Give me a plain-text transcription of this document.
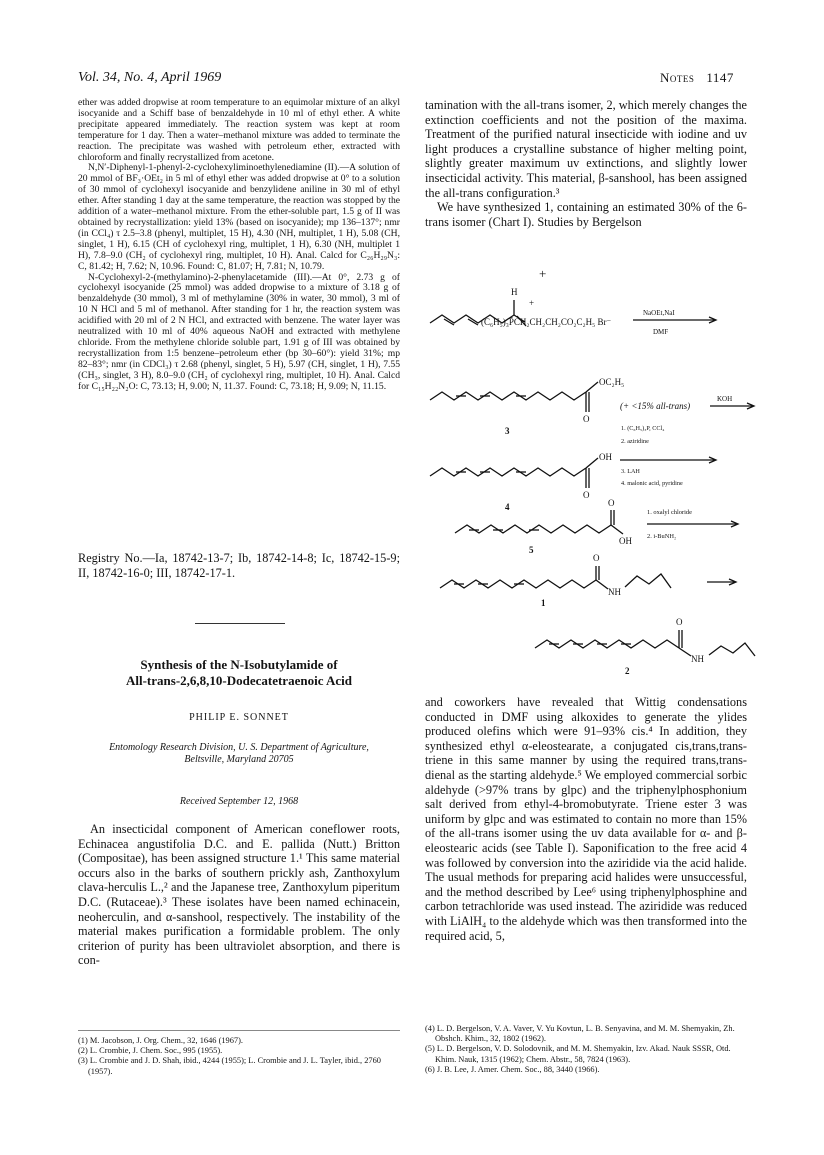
Vol. 34, No. 4, April 1969	Notes 1147

ether was added dropwise at room temperature to an equimolar mixture of an alkyl isocyanide and a Schiff base of benzaldehyde in 10 ml of ethyl ether. A white precipitate appeared immediately. The reaction system was kept at room temperature for 1 day. Then a water–methanol mixture was added to terminate the reaction. The precipitate was washed with petroleum ether, extracted with chloroform and finally recrystallized from acetone.

N,N′-Diphenyl-1-phenyl-2-cyclohexyliminoethylenediamine (II).—A solution of 20 mmol of BF₃·OEt₂ in 5 ml of ethyl ether was added dropwise at 0° to a solution of 30 mmol of cyclohexyl isocyanide and benzylidene aniline in 30 ml of ethyl ether. After standing 1 day at the same temperature, the reaction was stopped by the addition of a water–methanol mixture. From the ether-soluble part, 1.5 g of II was obtained by recrystallization: yield 13% (based on isocyanide); mp 136–137°; nmr (in CCl₄) τ 2.5–3.8 (phenyl, multiplet, 15 H), 4.30 (NH, multiplet, 1 H), 5.08 (CH, singlet, 1 H), 6.15 (CH of cyclohexyl ring, multiplet, 1 H), 6.30 (NH, multiplet 1 H), 7.8–9.0 (CH₂ of cyclohexyl ring, multiplet, 10 H). Anal. Calcd for C₂₆H₂₉N₃: C, 81.42; H, 7.62; N, 10.96. Found: C, 81.07; H, 7.81; N, 10.79.

N-Cyclohexyl-2-(methylamino)-2-phenylacetamide (III).—At 0°, 2.73 g of cyclohexyl isocyanide (25 mmol) was added dropwise to a mixture of 3.18 g of benzaldehyde (30 mmol), 3 ml of methylamine (30% in water, 30 mmol), 3 ml of 10 N HCl and 5 ml of methanol. After standing for 1 hr, the reaction system was acidified with 20 ml of 2 N HCl, and extracted with benzene. The water layer was neutralized with 10 ml of 40% aqueous NaOH and extracted with methylene chloride. From the methylene chloride soluble part, 1.91 g of III was obtained by recrystallization from 1:5 benzene–petroleum ether (bp 30–60°): yield 31%; mp 82–83°; nmr (in CDCl₃) τ 2.68 (phenyl, singlet, 5 H), 5.97 (CH, singlet, 1 H), 7.55 (CH₃, singlet, 3 H), 8.0–9.0 (CH₂ of cyclohexyl ring, multiplet, 10 H). Anal. Calcd for C₁₅H₂₂N₂O: C, 73.13; H, 9.00; N, 11.37. Found: C, 73.18; H, 9.09; N, 11.15.

Registry No.—Ia, 18742-13-7; Ib, 18742-14-8; Ic, 18742-15-9; II, 18742-16-0; III, 18742-17-1.
Synthesis of the N-Isobutylamide of
All-trans-2,6,8,10-Dodecatetraenoic Acid
PHILIP E. SONNET
Entomology Research Division, U. S. Department of Agriculture,
Beltsville, Maryland 20705
Received September 12, 1968

An insecticidal component of American coneflower roots, Echinacea angustifolia D.C. and E. pallida (Nutt.) Britton (Compositae), has been assigned structure 1.¹ This same material occurs also in the barks of southern prickly ash, Zanthoxylum clava-herculis L.,² and the Japanese tree, Zanthoxylum piperitum D.C. (Rutaceae).³ These isolates have been named echinacein, neoherculin, and α-sanshool, respectively. The instability of the material makes purification a formidable problem. The only criterion of purity has been ultraviolet absorption, and there is con-

(1) M. Jacobson, J. Org. Chem., 32, 1646 (1967).

(2) L. Crombie, J. Chem. Soc., 995 (1955).

(3) L. Crombie and J. D. Shah, ibid., 4244 (1955); L. Crombie and J. L. Tayler, ibid., 2760 (1957).

tamination with the all-trans isomer, 2, which merely changes the extinction coefficients and not the position of the maxima. Treatment of the purified natural insecticide with iodine and uv light produces a crystalline substance of higher melting point, slightly greater maximum uv extinctions, and slightly lower insecticidal activity. This material, β-sanshool, has been assigned the all-trans configuration.³

We have synthesized 1, containing an estimated 30% of the 6-trans isomer (Chart I). Studies by Bergelson

H
+
+
(C₆H₅)₃P̄CH₂CH₂CH₂CO₂C₂H₅ Br⁻
NaOEt,NaI
DMF
OC₂H₅
O
(+ <15% all-trans)
KOH
3
OH
O
4
1. (C₆H₅)₃P, CCl₄
2. aziridine
3. LAH
4. malonic acid, pyridine
O
OH
5
1. oxalyl chloride
2. i-BuNH₂
O
NH
1
O
NH
2

and coworkers have revealed that Wittig condensations conducted in DMF using alkoxides to generate the ylides produced olefins which were 91–93% cis.⁴ In addition, they synthesized ethyl α-eleostearate, a conjugated cis,trans,trans-triene in this same manner by using the required trans,trans-dienal as the starting aldehyde.⁵ We employed commercial sorbic aldehyde (>97% trans by glpc) and the triphenylphosphonium salt derived from ethyl-4-bromobutyrate. Triene ester 3 was uniform by glpc and was estimated to contain no more than 15% of the all-trans isomer using the uv data available for α- and β-eleostearic acids (see Table I). Saponification to the free acid 4 was followed by conversion into the aziridide via the acid halide. The usual methods for preparing acid halides were unsuccessful, and the method described by Lee⁶ using triphenylphosphine and carbon tetrachloride was used instead. The aziridide was reduced with LiAlH₄ to the aldehyde which was then transformed into the required acid, 5,

(4) L. D. Bergelson, V. A. Vaver, V. Yu Kovtun, L. B. Senyavina, and M. M. Shemyakin, Zh. Obshch. Khim., 32, 1802 (1962).

(5) L. D. Bergelson, V. D. Solodovnik, and M. M. Shemyakin, Izv. Akad. Nauk SSSR, Otd. Khim. Nauk, 1315 (1962); Chem. Abstr., 58, 7824 (1963).

(6) J. B. Lee, J. Amer. Chem. Soc., 88, 3440 (1966).
